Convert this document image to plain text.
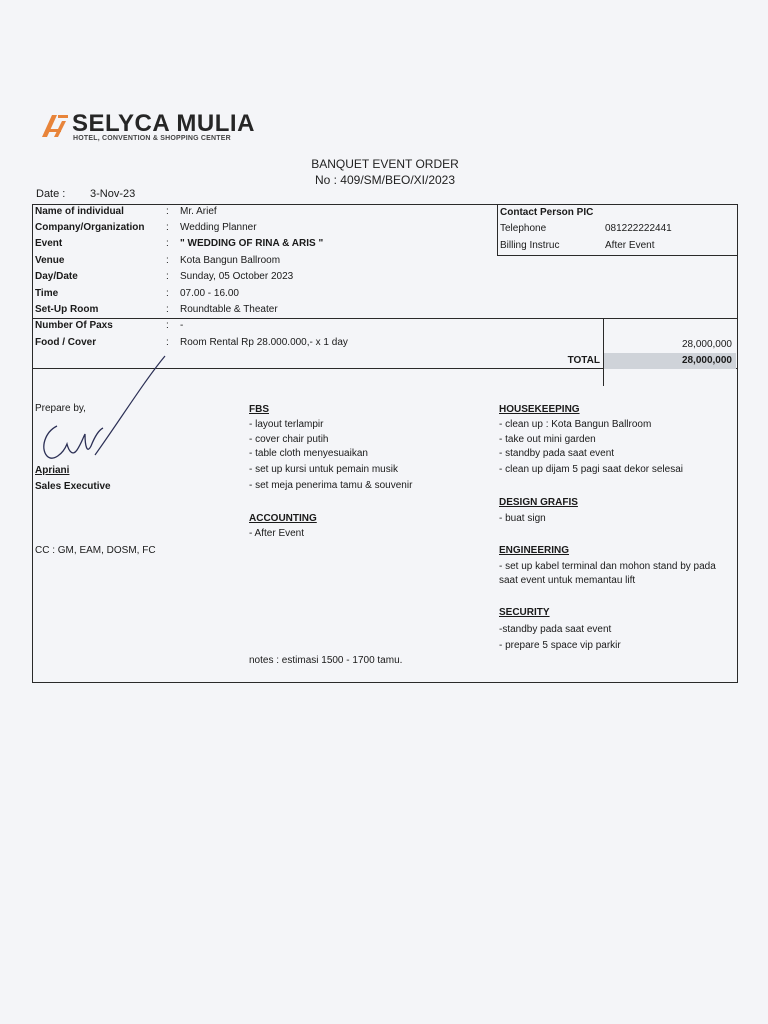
SELYCA MULIA
HOTEL, CONVENTION & SHOPPING CENTER
BANQUET EVENT ORDER
No : 409/SM/BEO/XI/2023
Date : 3-Nov-23
Name of individual	: Mr. Arief
Company/Organization : Wedding Planner
Event	: " WEDDING OF RINA & ARIS "
Venue	: Kota Bangun Ballroom
Day/Date	: Sunday, 05 October 2023
Time	: 07.00 - 16.00
Set-Up Room	: Roundtable & Theater
Contact Person PIC
Telephone	081222222441
Billing Instruc	After Event
Number Of Paxs	: -
Food / Cover	: Room Rental Rp 28.000.000,- x 1 day	28,000,000
TOTAL	28,000,000
Prepare by,
Apriani
Sales Executive
CC : GM, EAM, DOSM, FC
FBS
- layout terlampir
- cover chair putih
- table cloth menyesuaikan
- set up kursi untuk pemain musik
- set meja penerima tamu & souvenir
ACCOUNTING
- After Event
notes : estimasi 1500 - 1700 tamu.
HOUSEKEEPING
- clean up : Kota Bangun Ballroom
- take out mini garden
- standby pada saat event
- clean up dijam 5 pagi saat dekor selesai
DESIGN GRAFIS
- buat sign
ENGINEERING
- set up kabel terminal dan mohon stand by pada
saat event untuk memantau lift
SECURITY
-standby pada saat event
- prepare 5 space vip parkir
